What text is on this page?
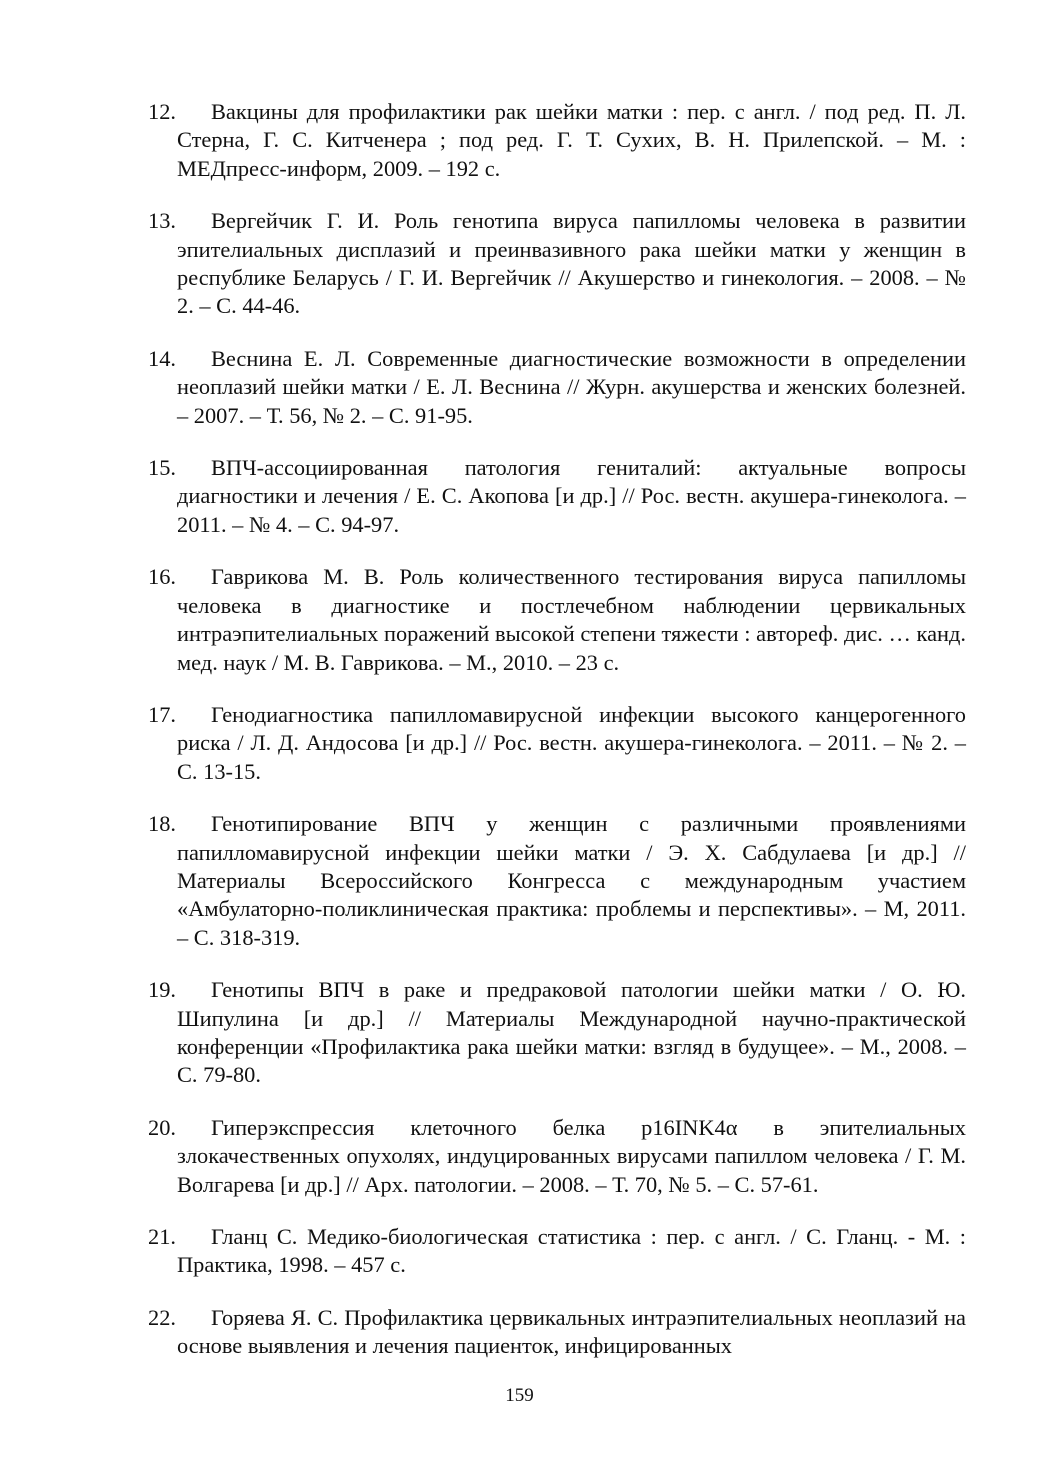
12. Вакцины для профилактики рак шейки матки : пер. с англ. / под ред. П. Л. Стерна, Г. С. Китченера ; под ред. Г. Т. Сухих, В. Н. Прилепской. – М. : МЕДпресс-информ, 2009. – 192 с.
13. Вергейчик Г. И. Роль генотипа вируса папилломы человека в развитии эпителиальных дисплазий и преинвазивного рака шейки матки у женщин в республике Беларусь / Г. И. Вергейчик // Акушерство и гинекология. – 2008. – № 2. – С. 44-46.
14. Веснина Е. Л. Современные диагностические возможности в определении неоплазий шейки матки / Е. Л. Веснина // Журн. акушерства и женских болезней. – 2007. – Т. 56, № 2. – С. 91-95.
15. ВПЧ-ассоциированная патология гениталий: актуальные вопросы диагностики и лечения / Е. С. Акопова [и др.] // Рос. вестн. акушера-гинеколога. – 2011. – № 4. – С. 94-97.
16. Гаврикова М. В. Роль количественного тестирования вируса папилломы человека в диагностике и постлечебном наблюдении цервикальных интраэпителиальных поражений высокой степени тяжести : автореф. дис. … канд. мед. наук / М. В. Гаврикова. – М., 2010. – 23 с.
17. Генодиагностика папилломавирусной инфекции высокого канцерогенного риска / Л. Д. Андосова [и др.] // Рос. вестн. акушера-гинеколога. – 2011. – № 2. – С. 13-15.
18. Генотипирование ВПЧ у женщин с различными проявлениями папилломавирусной инфекции шейки матки / Э. Х. Сабдулаева [и др.] // Материалы Всероссийского Конгресса с международным участием «Амбулаторно-поликлиническая практика: проблемы и перспективы». – М, 2011. – С. 318-319.
19. Генотипы ВПЧ в раке и предраковой патологии шейки матки / О. Ю. Шипулина [и др.] // Материалы Международной научно-практической конференции «Профилактика рака шейки матки: взгляд в будущее». – М., 2008. – С. 79-80.
20. Гиперэкспрессия клеточного белка p16INK4α в эпителиальных злокачественных опухолях, индуцированных вирусами папиллом человека / Г. М. Волгарева [и др.] // Арх. патологии. – 2008. – Т. 70, № 5. – С. 57-61.
21. Гланц С. Медико-биологическая статистика : пер. с англ. / С. Гланц. - М. : Практика, 1998. – 457 с.
22. Горяева Я. С. Профилактика цервикальных интраэпителиальных неоплазий на основе выявления и лечения пациенток, инфицированных
159
